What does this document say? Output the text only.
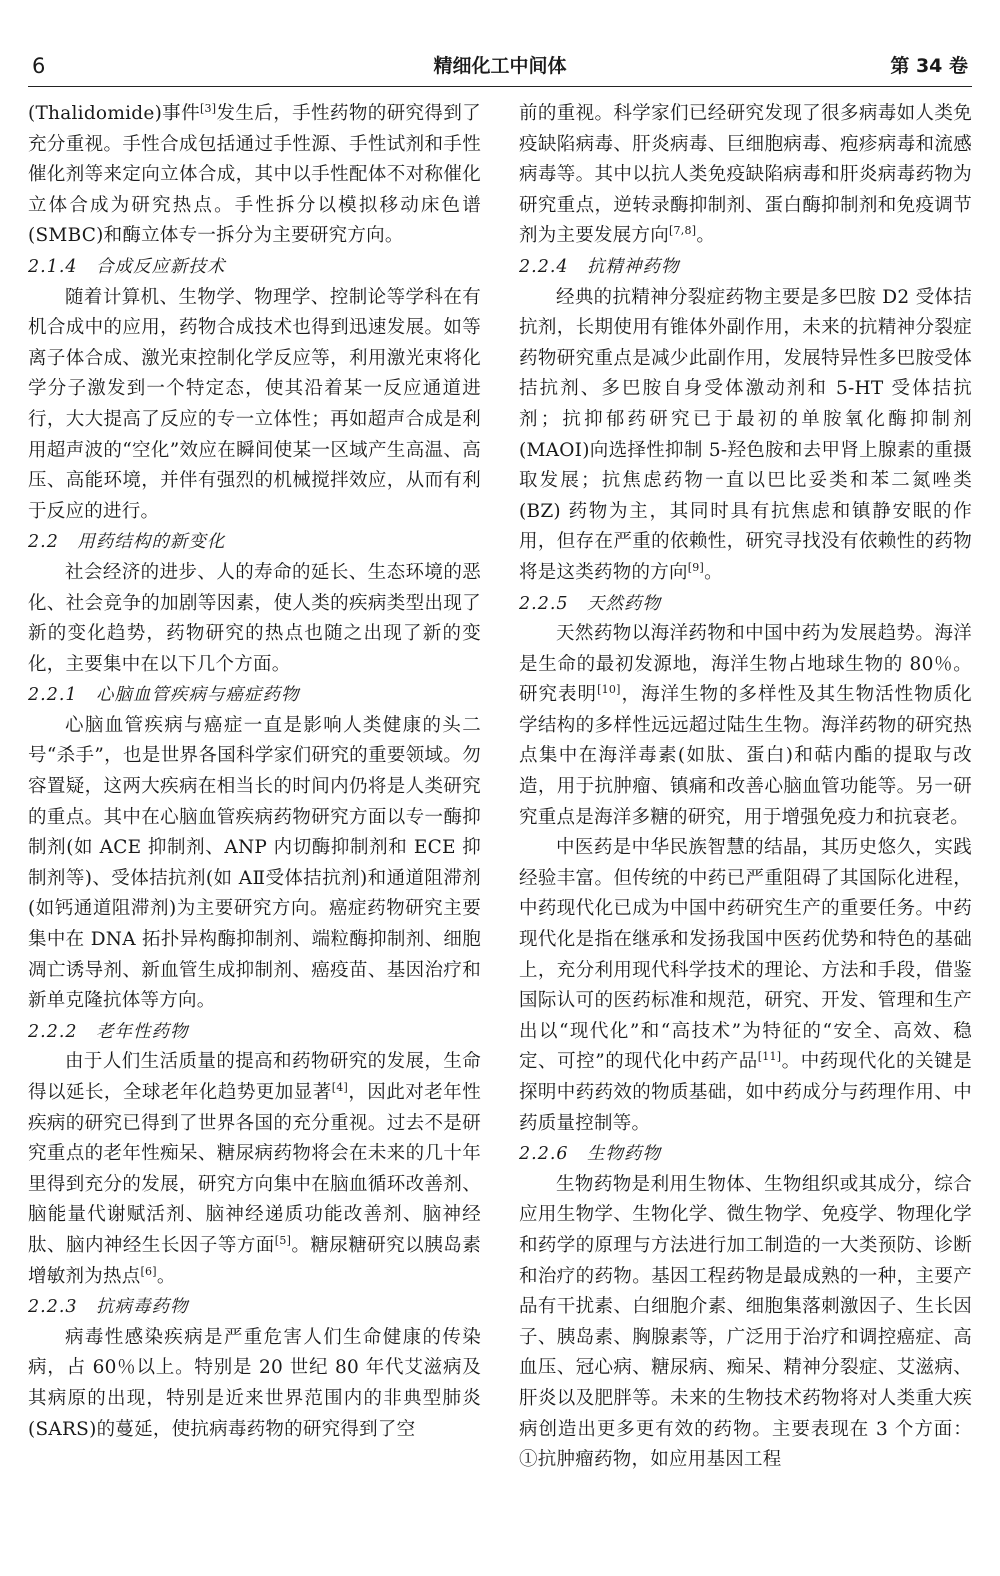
6	精细化工中间体	第 34 卷

(Thalidomide)事件[3]发生后，手性药物的研究得到了充分重视。手性合成包括通过手性源、手性试剂和手性催化剂等来定向立体合成，其中以手性配体不对称催化立体合成为研究热点。手性拆分以模拟移动床色谱(SMBC)和酶立体专一拆分为主要研究方向。

2.1.4　合成反应新技术

随着计算机、生物学、物理学、控制论等学科在有机合成中的应用，药物合成技术也得到迅速发展。如等离子体合成、激光束控制化学反应等，利用激光束将化学分子激发到一个特定态，使其沿着某一反应通道进行，大大提高了反应的专一立体性；再如超声合成是利用超声波的“空化”效应在瞬间使某一区域产生高温、高压、高能环境，并伴有强烈的机械搅拌效应，从而有利于反应的进行。

2.2　用药结构的新变化

社会经济的进步、人的寿命的延长、生态环境的恶化、社会竞争的加剧等因素，使人类的疾病类型出现了新的变化趋势，药物研究的热点也随之出现了新的变化，主要集中在以下几个方面。

2.2.1　心脑血管疾病与癌症药物

心脑血管疾病与癌症一直是影响人类健康的头二号“杀手”，也是世界各国科学家们研究的重要领域。勿容置疑，这两大疾病在相当长的时间内仍将是人类研究的重点。其中在心脑血管疾病药物研究方面以专一酶抑制剂(如 ACE 抑制剂、ANP 内切酶抑制剂和 ECE 抑制剂等)、受体拮抗剂(如 AⅡ受体拮抗剂)和通道阻滞剂(如钙通道阻滞剂)为主要研究方向。癌症药物研究主要集中在 DNA 拓扑异构酶抑制剂、端粒酶抑制剂、细胞凋亡诱导剂、新血管生成抑制剂、癌疫苗、基因治疗和新单克隆抗体等方向。

2.2.2　老年性药物

由于人们生活质量的提高和药物研究的发展，生命得以延长，全球老年化趋势更加显著[4]，因此对老年性疾病的研究已得到了世界各国的充分重视。过去不是研究重点的老年性痴呆、糖尿病药物将会在未来的几十年里得到充分的发展，研究方向集中在脑血循环改善剂、脑能量代谢赋活剂、脑神经递质功能改善剂、脑神经肽、脑内神经生长因子等方面[5]。糖尿糖研究以胰岛素增敏剂为热点[6]。

2.2.3　抗病毒药物

病毒性感染疾病是严重危害人们生命健康的传染病，占 60％以上。特别是 20 世纪 80 年代艾滋病及其病原的出现，特别是近来世界范围内的非典型肺炎(SARS)的蔓延，使抗病毒药物的研究得到了空

前的重视。科学家们已经研究发现了很多病毒如人类免疫缺陷病毒、肝炎病毒、巨细胞病毒、疱疹病毒和流感病毒等。其中以抗人类免疫缺陷病毒和肝炎病毒药物为研究重点，逆转录酶抑制剂、蛋白酶抑制剂和免疫调节剂为主要发展方向[7,8]。

2.2.4　抗精神药物

经典的抗精神分裂症药物主要是多巴胺 D2 受体拮抗剂，长期使用有锥体外副作用，未来的抗精神分裂症药物研究重点是减少此副作用，发展特异性多巴胺受体拮抗剂、多巴胺自身受体激动剂和 5-HT 受体拮抗剂；抗抑郁药研究已于最初的单胺氧化酶抑制剂(MAOI)向选择性抑制 5-羟色胺和去甲肾上腺素的重摄取发展；抗焦虑药物一直以巴比妥类和苯二氮唑类(BZ) 药物为主，其同时具有抗焦虑和镇静安眠的作用，但存在严重的依赖性，研究寻找没有依赖性的药物将是这类药物的方向[9]。

2.2.5　天然药物

天然药物以海洋药物和中国中药为发展趋势。海洋是生命的最初发源地，海洋生物占地球生物的 80％。研究表明[10]，海洋生物的多样性及其生物活性物质化学结构的多样性远远超过陆生生物。海洋药物的研究热点集中在海洋毒素(如肽、蛋白)和萜内酯的提取与改造，用于抗肿瘤、镇痛和改善心脑血管功能等。另一研究重点是海洋多糖的研究，用于增强免疫力和抗衰老。

中医药是中华民族智慧的结晶，其历史悠久，实践经验丰富。但传统的中药已严重阻碍了其国际化进程，中药现代化已成为中国中药研究生产的重要任务。中药现代化是指在继承和发扬我国中医药优势和特色的基础上，充分利用现代科学技术的理论、方法和手段，借鉴国际认可的医药标准和规范，研究、开发、管理和生产出以“现代化”和“高技术”为特征的“安全、高效、稳定、可控”的现代化中药产品[11]。中药现代化的关键是探明中药药效的物质基础，如中药成分与药理作用、中药质量控制等。

2.2.6　生物药物

生物药物是利用生物体、生物组织或其成分，综合应用生物学、生物化学、微生物学、免疫学、物理化学和药学的原理与方法进行加工制造的一大类预防、诊断和治疗的药物。基因工程药物是最成熟的一种，主要产品有干扰素、白细胞介素、细胞集落刺激因子、生长因子、胰岛素、胸腺素等，广泛用于治疗和调控癌症、高血压、冠心病、糖尿病、痴呆、精神分裂症、艾滋病、肝炎以及肥胖等。未来的生物技术药物将对人类重大疾病创造出更多更有效的药物。主要表现在 3 个方面：①抗肿瘤药物，如应用基因工程
